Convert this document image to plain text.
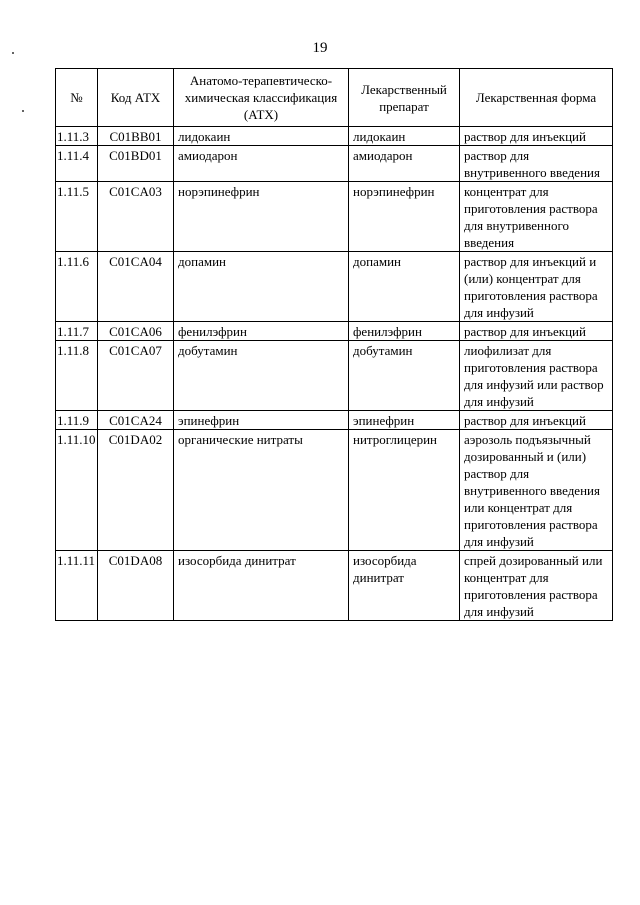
19
№	Код АТХ	Анатомо-терапевтическо-химическая классификация (АТХ)	Лекарственный препарат	Лекарственная форма
1.11.3	C01BB01	лидокаин	лидокаин	раствор для инъекций
1.11.4	C01BD01	амиодарон	амиодарон	раствор для внутривенного введения
1.11.5	C01CA03	норэпинефрин	норэпинефрин	концентрат для приготовления раствора для внутривенного введения
1.11.6	C01CA04	допамин	допамин	раствор для инъекций и (или) концентрат для приготовления раствора для инфузий
1.11.7	C01CA06	фенилэфрин	фенилэфрин	раствор для инъекций
1.11.8	C01CA07	добутамин	добутамин	лиофилизат для приготовления раствора для инфузий или раствор для инфузий
1.11.9	C01CA24	эпинефрин	эпинефрин	раствор для инъекций
1.11.10	C01DA02	органические нитраты	нитроглицерин	аэрозоль подъязычный дозированный и (или) раствор для внутривенного введения или концентрат для приготовления раствора для инфузий
1.11.11	C01DA08	изосорбида динитрат	изосорбида динитрат	спрей дозированный или концентрат для приготовления раствора для инфузий
